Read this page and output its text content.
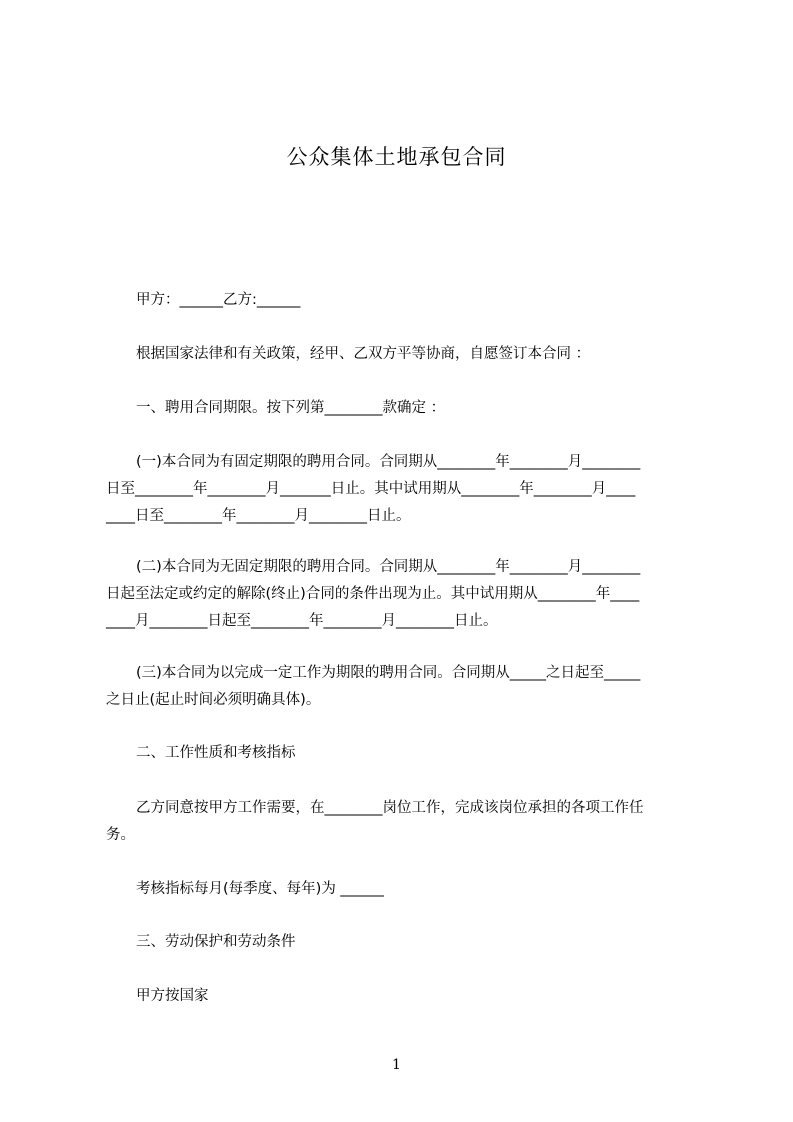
公众集体土地承包合同
甲方：______乙方:______
根据国家法律和有关政策，经甲、乙双方平等协商，自愿签订本合同 ：
一、聘用合同期限。按下列第________款确定 ：
(一)本合同为有固定期限的聘用合同。合同期从________年________月________
日至________年________月_______日止。其中试用期从________年________月____
____日至________年________月________日止。
(二)本合同为无固定期限的聘用合同。合同期从________年________月________
日起至法定或约定的解除(终止)合同的条件出现为止。其中试用期从________年____
____月________日起至________年________月________日止。
(三)本合同为以完成一定工作为期限的聘用合同。合同期从_____之日起至_____
之日止(起止时间必须明确具体)。
二、工作性质和考核指标
乙方同意按甲方工作需要，在________岗位工作，完成该岗位承担的各项工作任
务。
考核指标每月(每季度、每年)为 ______
三、劳动保护和劳动条件
甲方按国家
1
